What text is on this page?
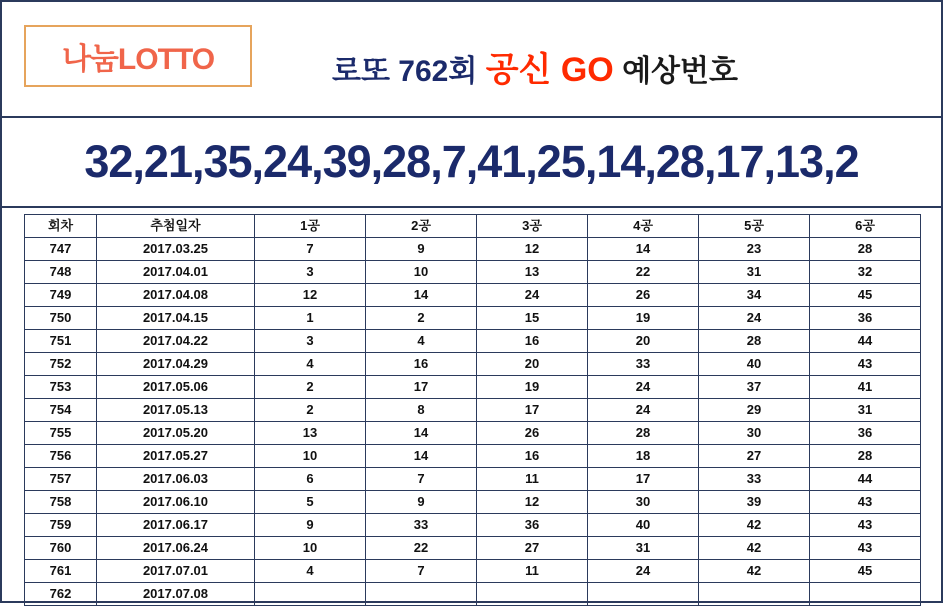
나눔LOTTO	로또 762회 공신 GO 예상번호
32,21,35,24,39,28,7,41,25,14,28,17,13,2
회차	추첨일자	1공	2공	3공	4공	5공	6공
747	2017.03.25	7	9	12	14	23	28
748	2017.04.01	3	10	13	22	31	32
749	2017.04.08	12	14	24	26	34	45
750	2017.04.15	1	2	15	19	24	36
751	2017.04.22	3	4	16	20	28	44
752	2017.04.29	4	16	20	33	40	43
753	2017.05.06	2	17	19	24	37	41
754	2017.05.13	2	8	17	24	29	31
755	2017.05.20	13	14	26	28	30	36
756	2017.05.27	10	14	16	18	27	28
757	2017.06.03	6	7	11	17	33	44
758	2017.06.10	5	9	12	30	39	43
759	2017.06.17	9	33	36	40	42	43
760	2017.06.24	10	22	27	31	42	43
761	2017.07.01	4	7	11	24	42	45
762	2017.07.08						
